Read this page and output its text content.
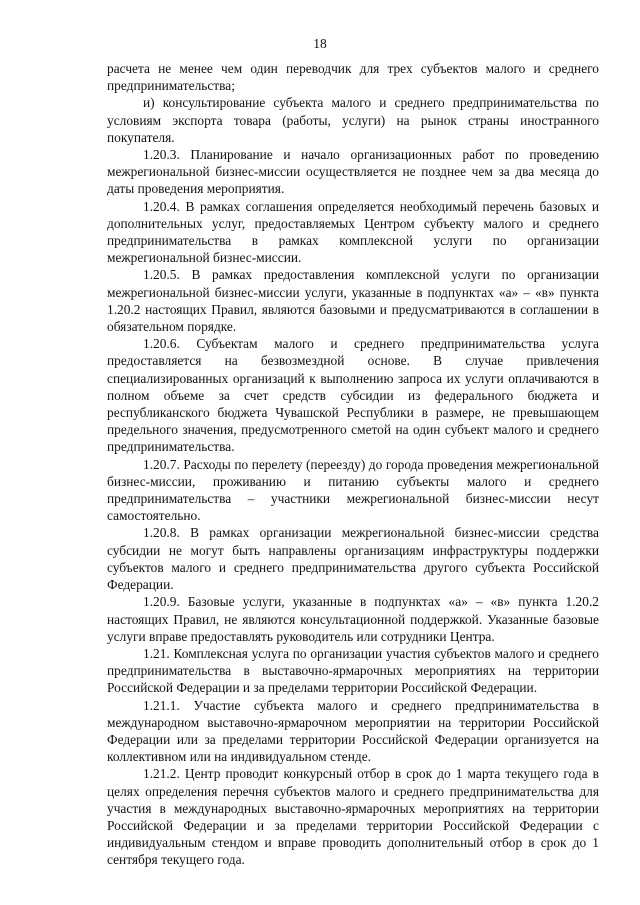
18

расчета не менее чем один переводчик для трех субъектов малого и среднего предпринимательства;

и) консультирование субъекта малого и среднего предпринимательства по условиям экспорта товара (работы, услуги) на рынок страны иностранного покупателя.

1.20.3. Планирование и начало организационных работ по проведению межрегиональной бизнес-миссии осуществляется не позднее чем за два месяца до даты проведения мероприятия.

1.20.4. В рамках соглашения определяется необходимый перечень базовых и дополнительных услуг, предоставляемых Центром субъекту малого и среднего предпринимательства в рамках комплексной услуги по организации межрегиональной бизнес-миссии.

1.20.5. В рамках предоставления комплексной услуги по организации межрегиональной бизнес-миссии услуги, указанные в подпунктах «а» – «в» пункта 1.20.2 настоящих Правил, являются базовыми и предусматриваются в соглашении в обязательном порядке.

1.20.6. Субъектам малого и среднего предпринимательства услуга предоставляется на безвозмездной основе. В случае привлечения специализированных организаций к выполнению запроса их услуги оплачиваются в полном объеме за счет средств субсидии из федерального бюджета и республиканского бюджета Чувашской Республики в размере, не превышающем предельного значения, предусмотренного сметой на один субъект малого и среднего предпринимательства.

1.20.7. Расходы по перелету (переезду) до города проведения межрегиональной бизнес-миссии, проживанию и питанию субъекты малого и среднего предпринимательства – участники межрегиональной бизнес-миссии несут самостоятельно.

1.20.8. В рамках организации межрегиональной бизнес-миссии средства субсидии не могут быть направлены организациям инфраструктуры поддержки субъектов малого и среднего предпринимательства другого субъекта Российской Федерации.

1.20.9. Базовые услуги, указанные в подпунктах «а» – «в» пункта 1.20.2 настоящих Правил, не являются консультационной поддержкой. Указанные базовые услуги вправе предоставлять руководитель или сотрудники Центра.

1.21. Комплексная услуга по организации участия субъектов малого и среднего предпринимательства в выставочно-ярмарочных мероприятиях на территории Российской Федерации и за пределами территории Российской Федерации.

1.21.1. Участие субъекта малого и среднего предпринимательства в международном выставочно-ярмарочном мероприятии на территории Российской Федерации или за пределами территории Российской Федерации организуется на коллективном или на индивидуальном стенде.

1.21.2. Центр проводит конкурсный отбор в срок до 1 марта текущего года в целях определения перечня субъектов малого и среднего предпринимательства для участия в международных выставочно-ярмарочных мероприятиях на территории Российской Федерации и за пределами территории Российской Федерации с индивидуальным стендом и вправе проводить дополнительный отбор в срок до 1 сентября текущего года.
